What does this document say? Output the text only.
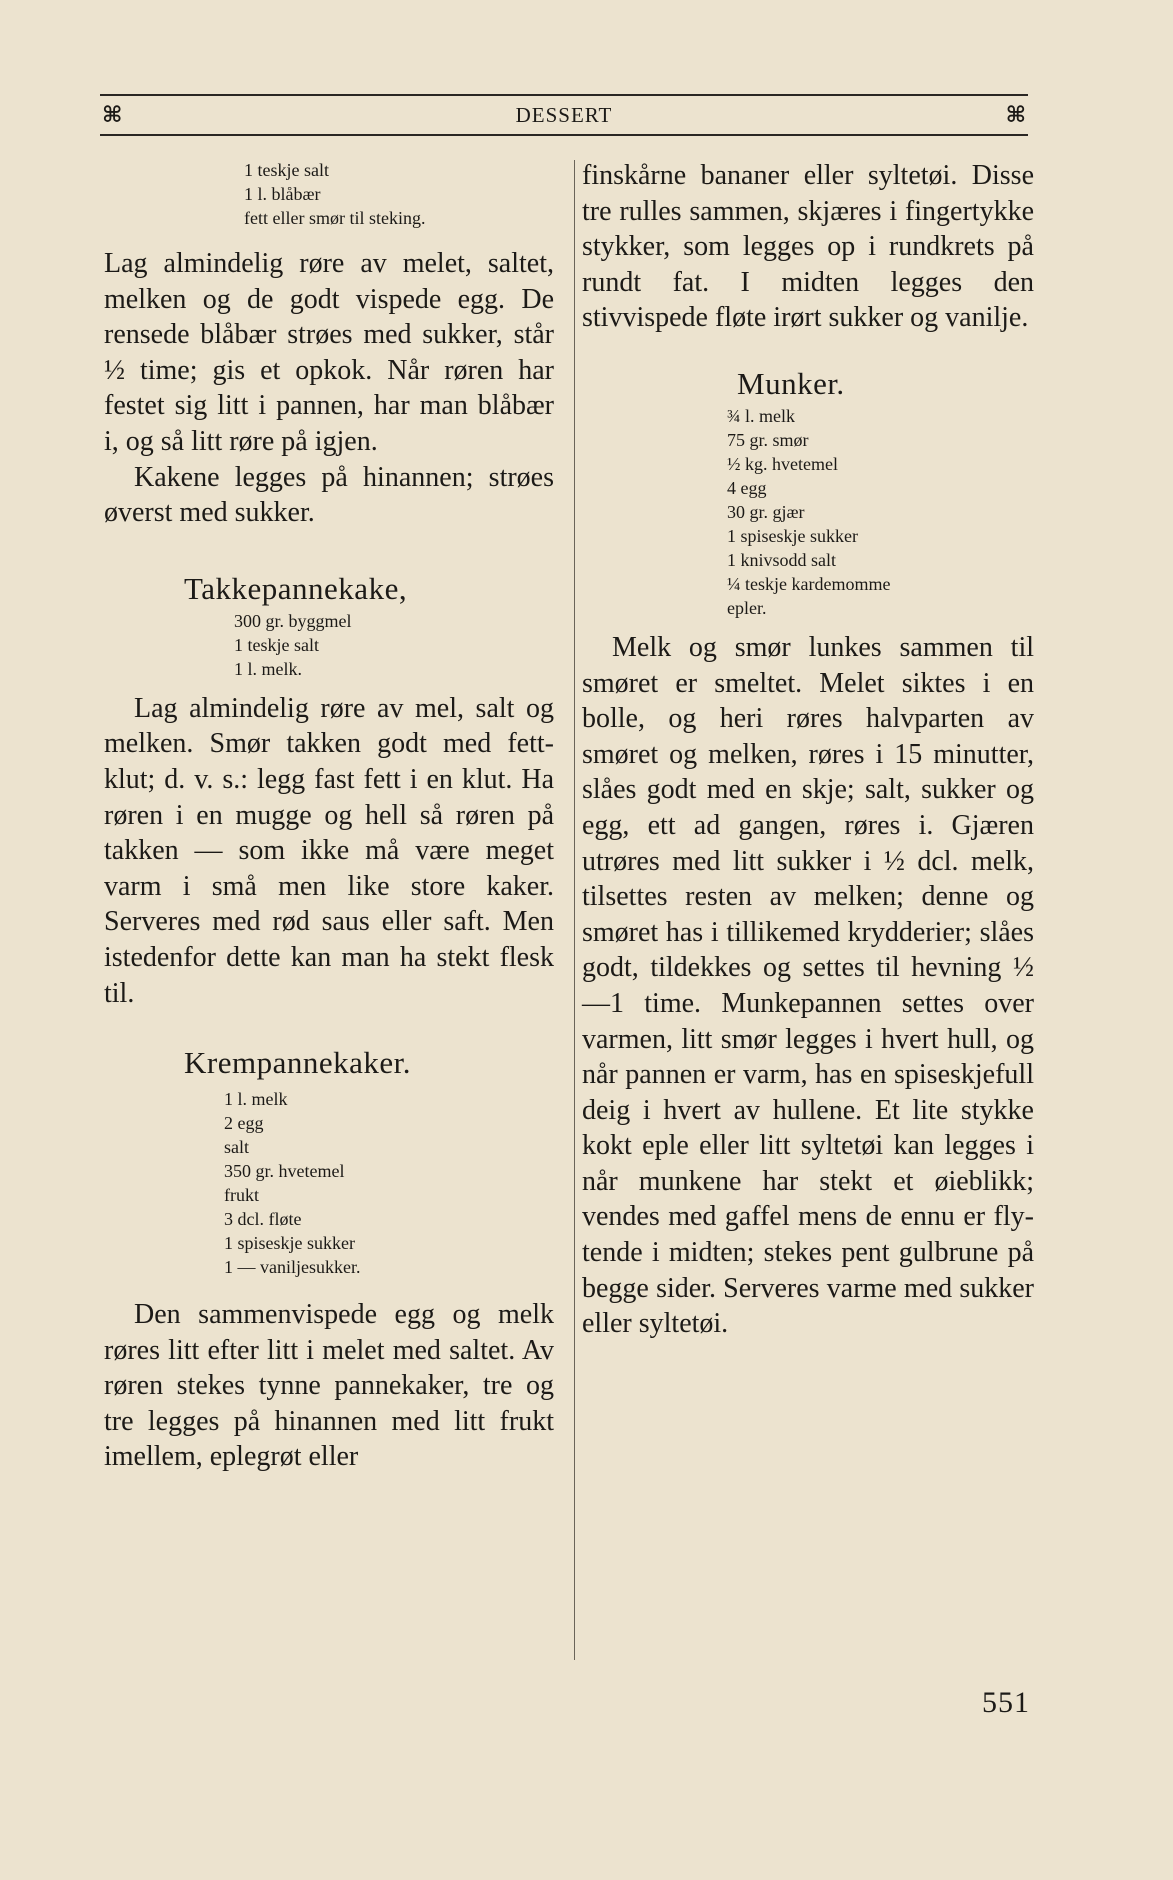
⌘	DESSERT	⌘
1 teskje salt
1 l. blåbær
fett eller smør til steking.

Lag almindelig røre av melet, saltet, melken og de godt vispede egg. De rensede blåbær strøes med sukker, står ½ time; gis et opkok. Når røren har festet sig litt i pannen, har man blåbær i, og så litt røre på igjen.

Kakene legges på hinannen; strøes øverst med sukker.

Takkepannekake,
300 gr. byggmel
1 teskje salt
1 l. melk.

Lag almindelig røre av mel, salt og melken. Smør takken godt med fett-klut; d. v. s.: legg fast fett i en klut. Ha røren i en mugge og hell så røren på takken — som ikke må være meget varm i små men like store kaker. Serveres med rød saus eller saft. Men istedenfor dette kan man ha stekt flesk til.

Krempannekaker.
1 l. melk
2 egg
salt
350 gr. hvetemel
frukt
3 dcl. fløte
1 spiseskje sukker
1 — vaniljesukker.

Den sammenvispede egg og melk røres litt efter litt i melet med saltet. Av røren stekes tynne pannekaker, tre og tre legges på hinannen med litt frukt imellem, eplegrøt eller

finskårne bananer eller syltetøi. Disse tre rulles sammen, skjæres i fingertykke stykker, som legges op i rundkrets på rundt fat. I midten legges den stivvispede fløte irørt sukker og vanilje.

Munker.
¾ l. melk
75 gr. smør
½ kg. hvetemel
4 egg
30 gr. gjær
1 spiseskje sukker
1 knivsodd salt
¼ teskje kardemomme
epler.

Melk og smør lunkes sammen til smøret er smeltet. Melet siktes i en bolle, og heri røres halvparten av smøret og melken, røres i 15 minutter, slåes godt med en skje; salt, sukker og egg, ett ad gangen, røres i. Gjæren utrøres med litt sukker i ½ dcl. melk, tilsettes resten av melken; denne og smøret has i tillikemed krydderier; slåes godt, tildekkes og settes til hevning ½—1 time. Munkepannen settes over varmen, litt smør legges i hvert hull, og når pannen er varm, has en spiseskjefull deig i hvert av hullene. Et lite stykke kokt eple eller litt syltetøi kan legges i når munkene har stekt et øieblikk; vendes med gaffel mens de ennu er flytende i midten; stekes pent gulbrune på begge sider. Serveres varme med sukker eller syltetøi.

551
